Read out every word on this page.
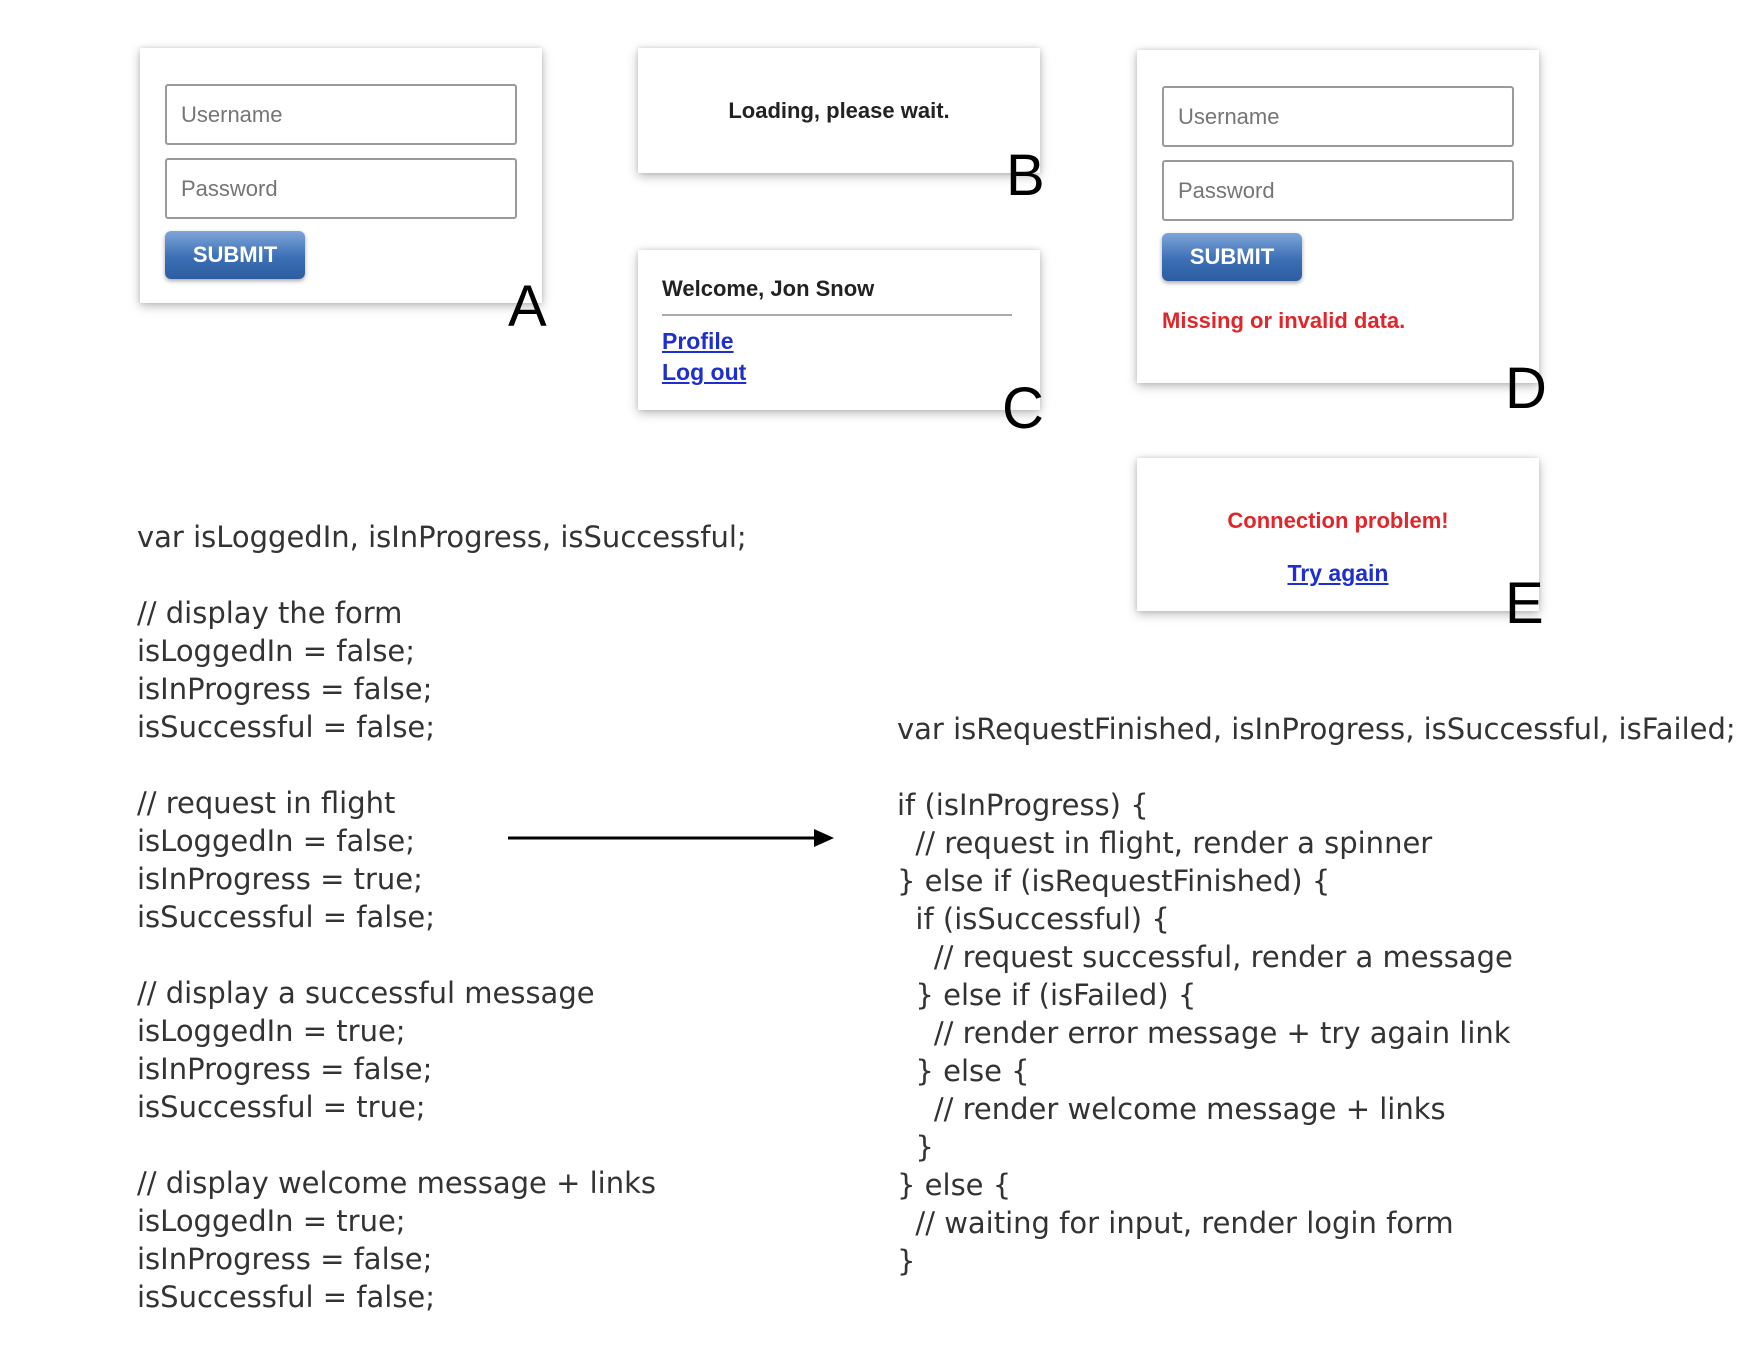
Username
Password
SUBMIT
A
Loading, please wait.
B
Welcome, Jon Snow
Profile
Log out
C
Username
Password
SUBMIT
Missing or invalid data.
D
Connection problem!
Try again	E
var isLoggedIn, isInProgress, isSuccessful;

// display the form
isLoggedIn = false;
isInProgress = false;
isSuccessful = false;

// request in flight
isLoggedIn = false;
isInProgress = true;
isSuccessful = false;

// display a successful message
isLoggedIn = true;
isInProgress = false;
isSuccessful = true;

// display welcome message + links
isLoggedIn = true;
isInProgress = false;
isSuccessful = false;
var isRequestFinished, isInProgress, isSuccessful, isFailed;

if (isInProgress) {
// request in flight, render a spinner
} else if (isRequestFinished) {
if (isSuccessful) {
// request successful, render a message
} else if (isFailed) {
// render error message + try again link
} else {
// render welcome message + links
}
} else {
// waiting for input, render login form
}
